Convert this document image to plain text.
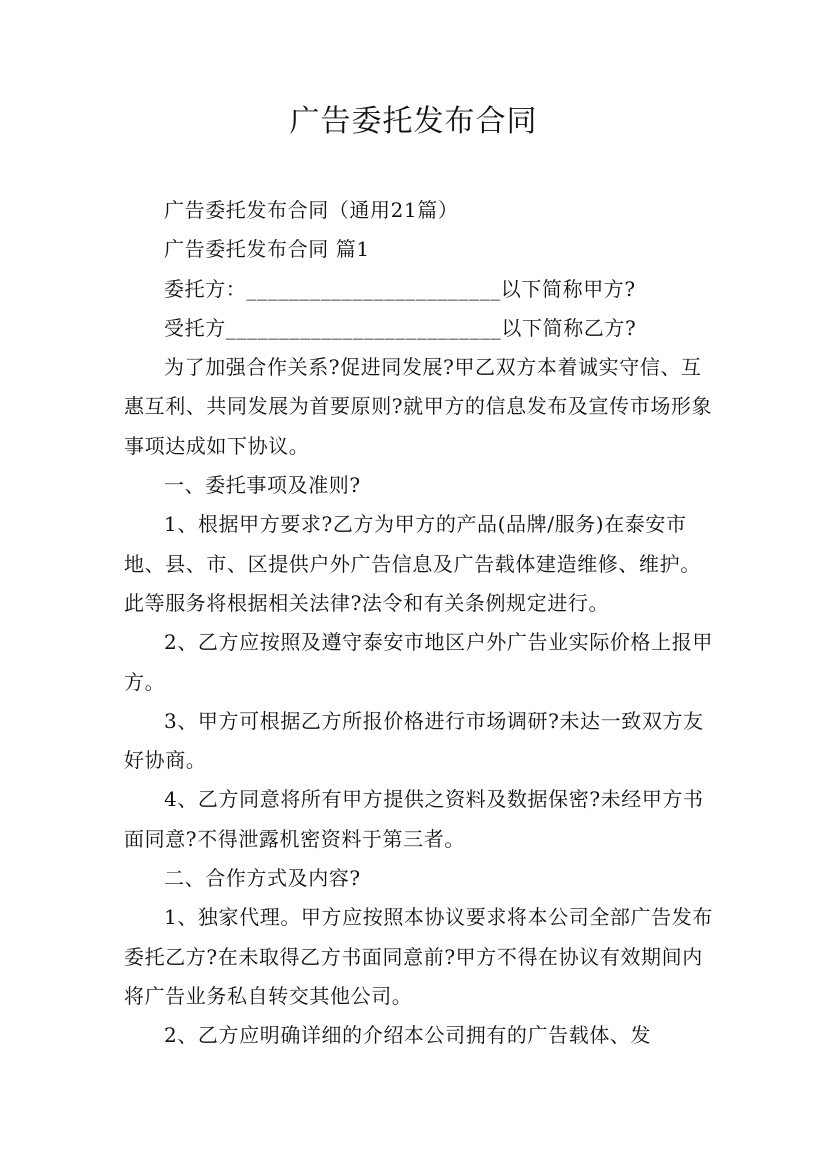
广告委托发布合同

广告委托发布合同（通用21篇）

广告委托发布合同 篇1

委托方：________________________以下简称甲方?

受托方__________________________以下简称乙方?

为了加强合作关系?促进同发展?甲乙双方本着诚实守信、互惠互利、共同发展为首要原则?就甲方的信息发布及宣传市场形象事项达成如下协议。

一、委托事项及准则?

1、根据甲方要求?乙方为甲方的产品(品牌/服务)在泰安市地、县、市、区提供户外广告信息及广告载体建造维修、维护。此等服务将根据相关法律?法令和有关条例规定进行。

2、乙方应按照及遵守泰安市地区户外广告业实际价格上报甲方。

3、甲方可根据乙方所报价格进行市场调研?未达一致双方友好协商。

4、乙方同意将所有甲方提供之资料及数据保密?未经甲方书面同意?不得泄露机密资料于第三者。

二、合作方式及内容?

1、独家代理。甲方应按照本协议要求将本公司全部广告发布委托乙方?在未取得乙方书面同意前?甲方不得在协议有效期间内将广告业务私自转交其他公司。

2、乙方应明确详细的介绍本公司拥有的广告载体、发
